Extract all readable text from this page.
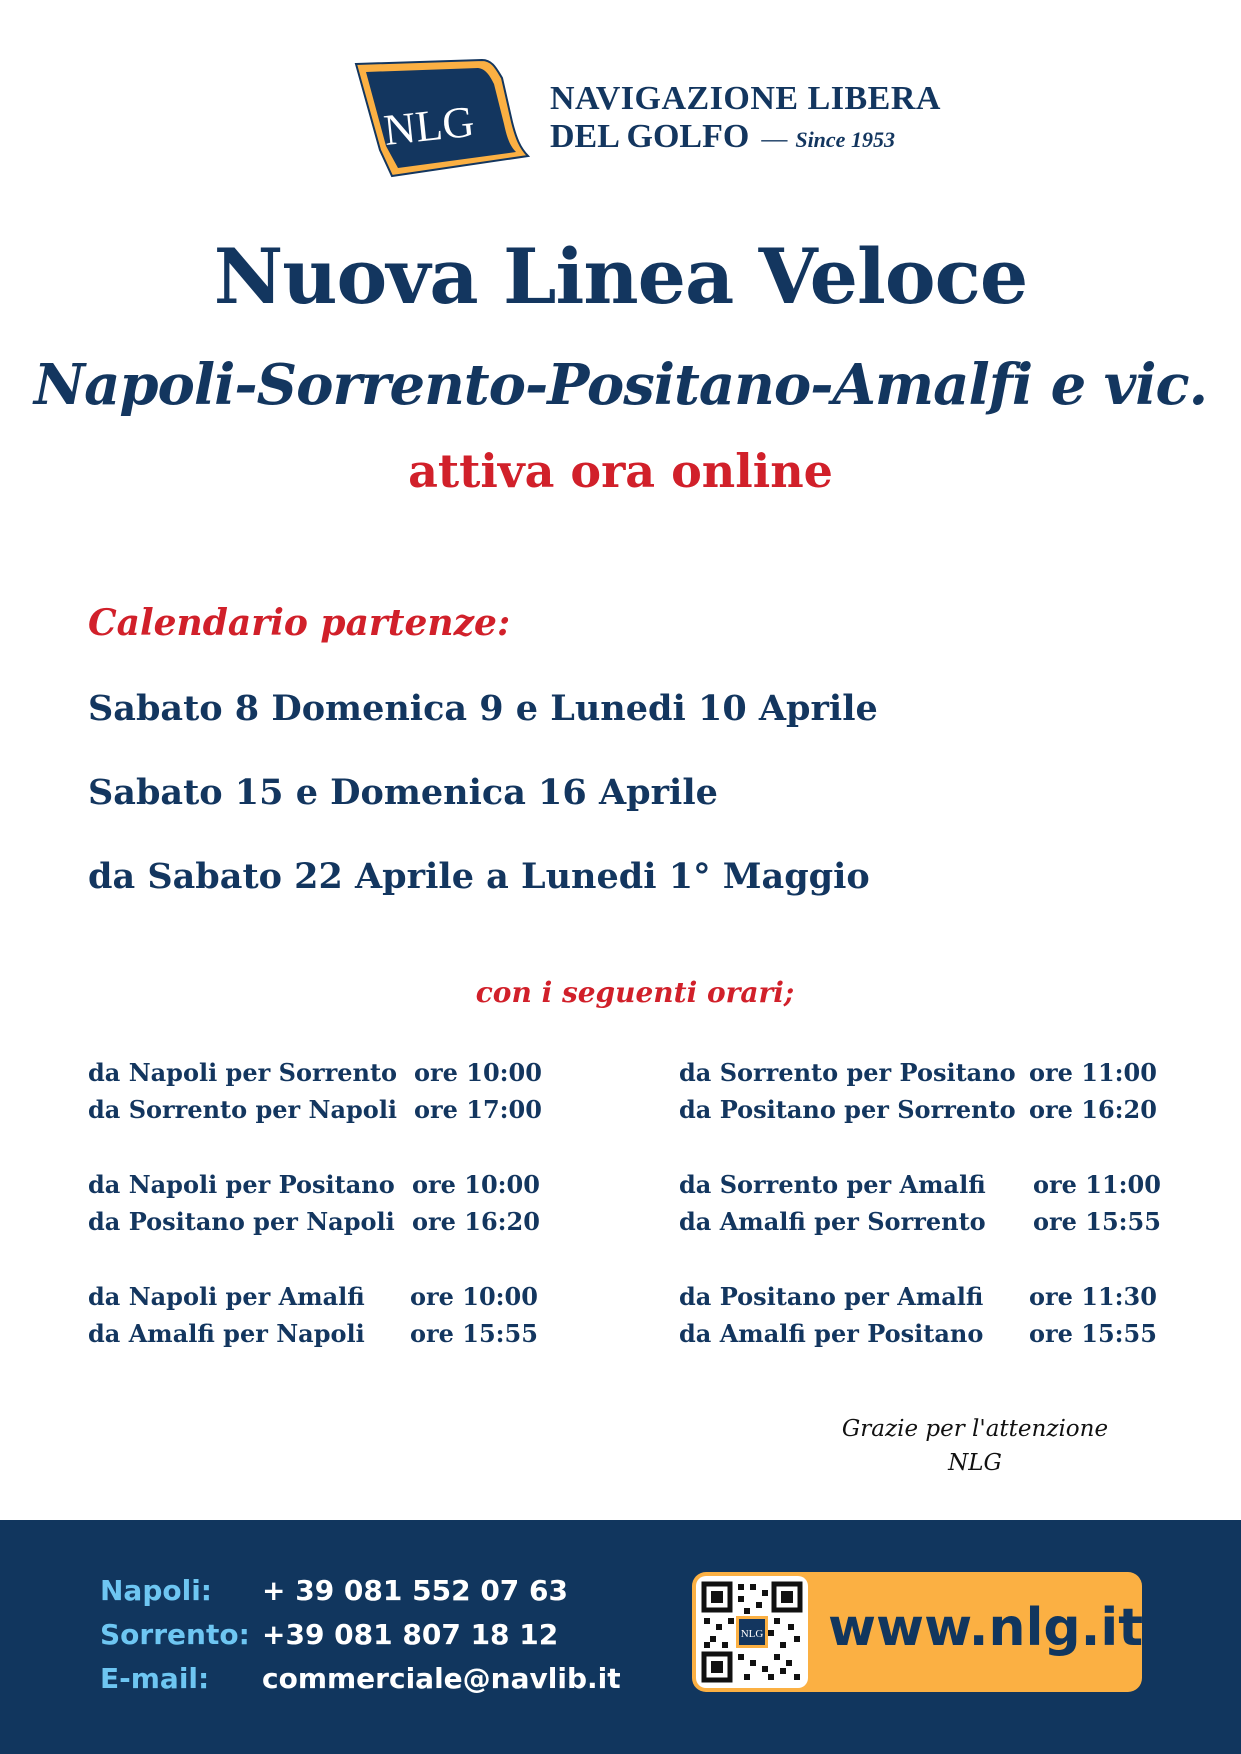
NLG NAVIGAZIONE LIBERA
DEL GOLFO — Since 1953
Nuova Linea Veloce
Napoli-Sorrento-Positano-Amalfi e vic.
attiva ora online
Calendario partenze:
Sabato 8 Domenica 9 e Lunedi 10 Aprile
Sabato 15 e Domenica 16 Aprile
da Sabato 22 Aprile a Lunedi 1° Maggio
con i seguenti orari;
da Napoli per Sorrento ore 10:00
da Sorrento per Napoli ore 17:00
da Napoli per Positano ore 10:00
da Positano per Napoli ore 16:20
da Napoli per Amalfi ore 10:00
da Amalfi per Napoli ore 15:55
da Sorrento per Positano ore 11:00
da Positano per Sorrento ore 16:20
da Sorrento per Amalfi ore 11:00
da Amalfi per Sorrento ore 15:55
da Positano per Amalfi ore 11:30
da Amalfi per Positano ore 15:55
Grazie per l'attenzione
NLG
Napoli: + 39 081 552 07 63
Sorrento: +39 081 807 18 12
E-mail: commerciale@navlib.it
NLG www.nlg.it
